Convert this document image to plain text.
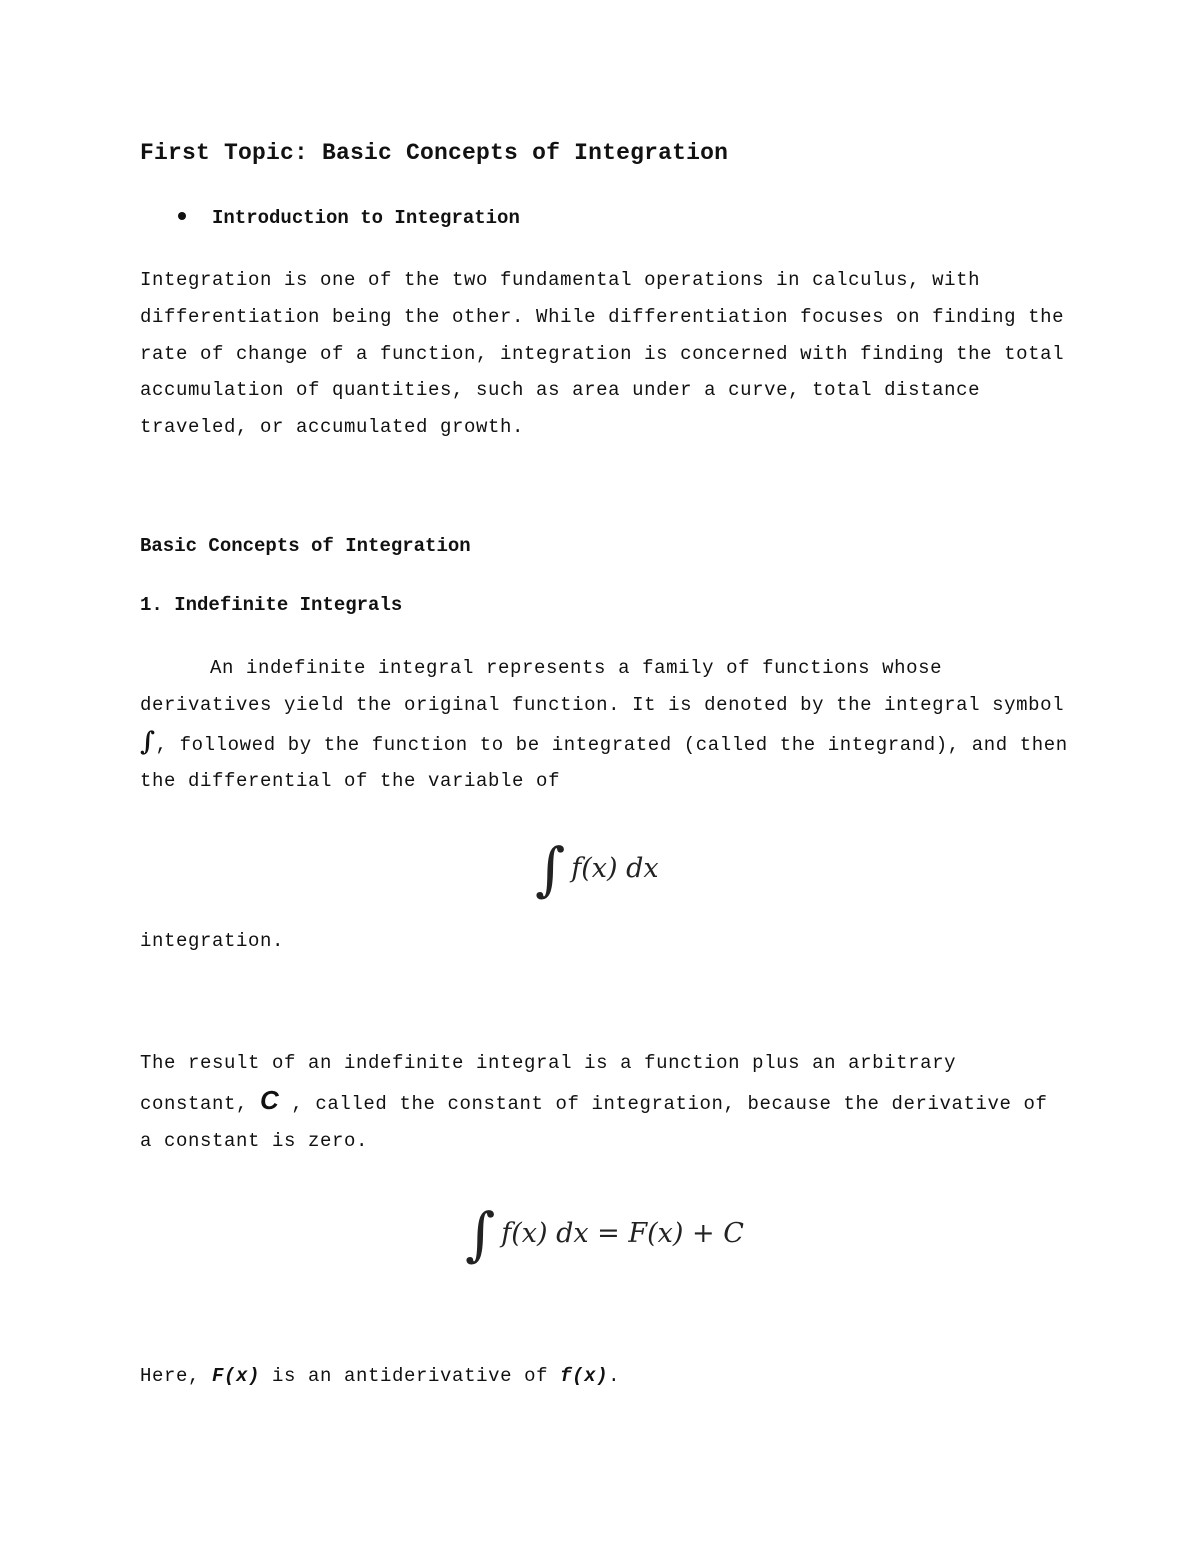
First Topic: Basic Concepts of Integration
Introduction to Integration

Integration is one of the two fundamental operations in calculus, with differentiation being the other. While differentiation focuses on finding the rate of change of a function, integration is concerned with finding the total accumulation of quantities, such as area under a curve, total distance traveled, or accumulated growth.

Basic Concepts of Integration
1. Indefinite Integrals

An indefinite integral represents a family of functions whose derivatives yield the original function. It is denoted by the integral symbol ∫, followed by the function to be integrated (called the integrand), and then the differential of the variable of

∫ f(x) dx
integration.

The result of an indefinite integral is a function plus an arbitrary constant, C , called the constant of integration, because the derivative of a constant is zero.

∫ f(x) dx = F(x) + C
Here, F(x) is an antiderivative of f(x).
